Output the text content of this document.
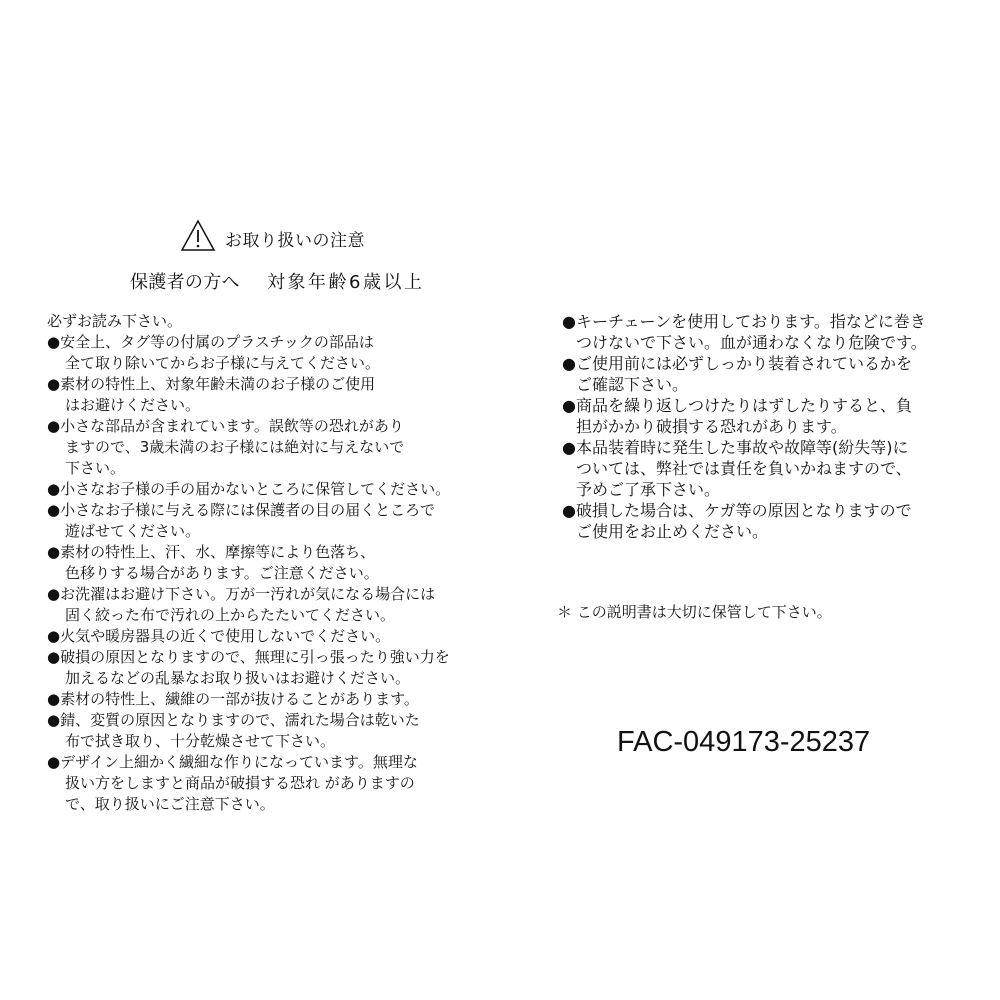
お取り扱いの注意
保護者の方へ 対象年齢6歳以上
必ずお読み下さい。
●安全上、タグ等の付属のプラスチックの部品は
全て取り除いてからお子様に与えてください。
●素材の特性上、対象年齢未満のお子様のご使用
はお避けください。
●小さな部品が含まれています。誤飲等の恐れがあり
ますので、3歳未満のお子様には絶対に与えないで
下さい。
●小さなお子様の手の届かないところに保管してください。
●小さなお子様に与える際には保護者の目の届くところで
遊ばせてください。
●素材の特性上、汗、水、摩擦等により色落ち、
色移りする場合があります。ご注意ください。
●お洗濯はお避け下さい。万が一汚れが気になる場合には
固く絞った布で汚れの上からたたいてください。
●火気や暖房器具の近くで使用しないでください。
●破損の原因となりますので、無理に引っ張ったり強い力を
加えるなどの乱暴なお取り扱いはお避けください。
●素材の特性上、繊維の一部が抜けることがあります。
●錆、変質の原因となりますので、濡れた場合は乾いた
布で拭き取り、十分乾燥させて下さい。
●デザイン上細かく繊細な作りになっています。無理な
扱い方をしますと商品が破損する恐れ がありますの
で、取り扱いにご注意下さい。
●キーチェーンを使用しております。指などに巻き
つけないで下さい。血が通わなくなり危険です。
●ご使用前には必ずしっかり装着されているかを
ご確認下さい。
●商品を繰り返しつけたりはずしたりすると、負
担がかかり破損する恐れがあります。
●本品装着時に発生した事故や故障等(紛失等)に
ついては、弊社では責任を負いかねますので、
予めご了承下さい。
●破損した場合は、ケガ等の原因となりますので
ご使用をお止めください。
＊ この説明書は大切に保管して下さい。
FAC-049173-25237
